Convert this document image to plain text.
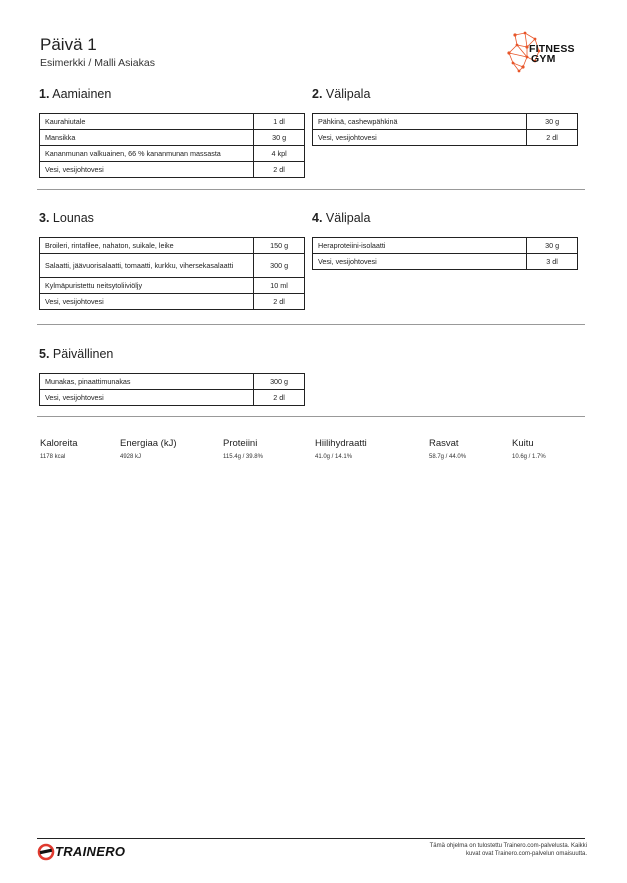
Päivä 1
Esimerkki / Malli Asiakas
FITNESS
GYM
1. Aamiainen
Kaurahiutale	1 dl
Mansikka	30 g
Kananmunan valkuainen, 66 % kananmunan massasta	4 kpl
Vesi, vesijohtovesi	2 dl
2. Välipala
Pähkinä, cashewpähkinä	30 g
Vesi, vesijohtovesi	2 dl
3. Lounas
Broileri, rintafilee, nahaton, suikale, leike	150 g
Salaatti, jäävuorisalaatti, tomaatti, kurkku, vihersekasalaatti	300 g
Kylmäpuristettu neitsytoliiviöljy	10 ml
Vesi, vesijohtovesi	2 dl
4. Välipala
Heraproteiini-isolaatti	30 g
Vesi, vesijohtovesi	3 dl
5. Päivällinen
Munakas, pinaattimunakas	300 g
Vesi, vesijohtovesi	2 dl
Kaloreita
1178 kcal
Energiaa (kJ)
4928 kJ
Proteiini
115.4g / 39.8%
Hiilihydraatti
41.0g / 14.1%
Rasvat
58.7g / 44.0%
Kuitu
10.6g / 1.7%
TRAINERO	Tämä ohjelma on tulostettu Trainero.com-palvelusta. Kaikki
kuvat ovat Trainero.com-palvelun omaisuutta.
